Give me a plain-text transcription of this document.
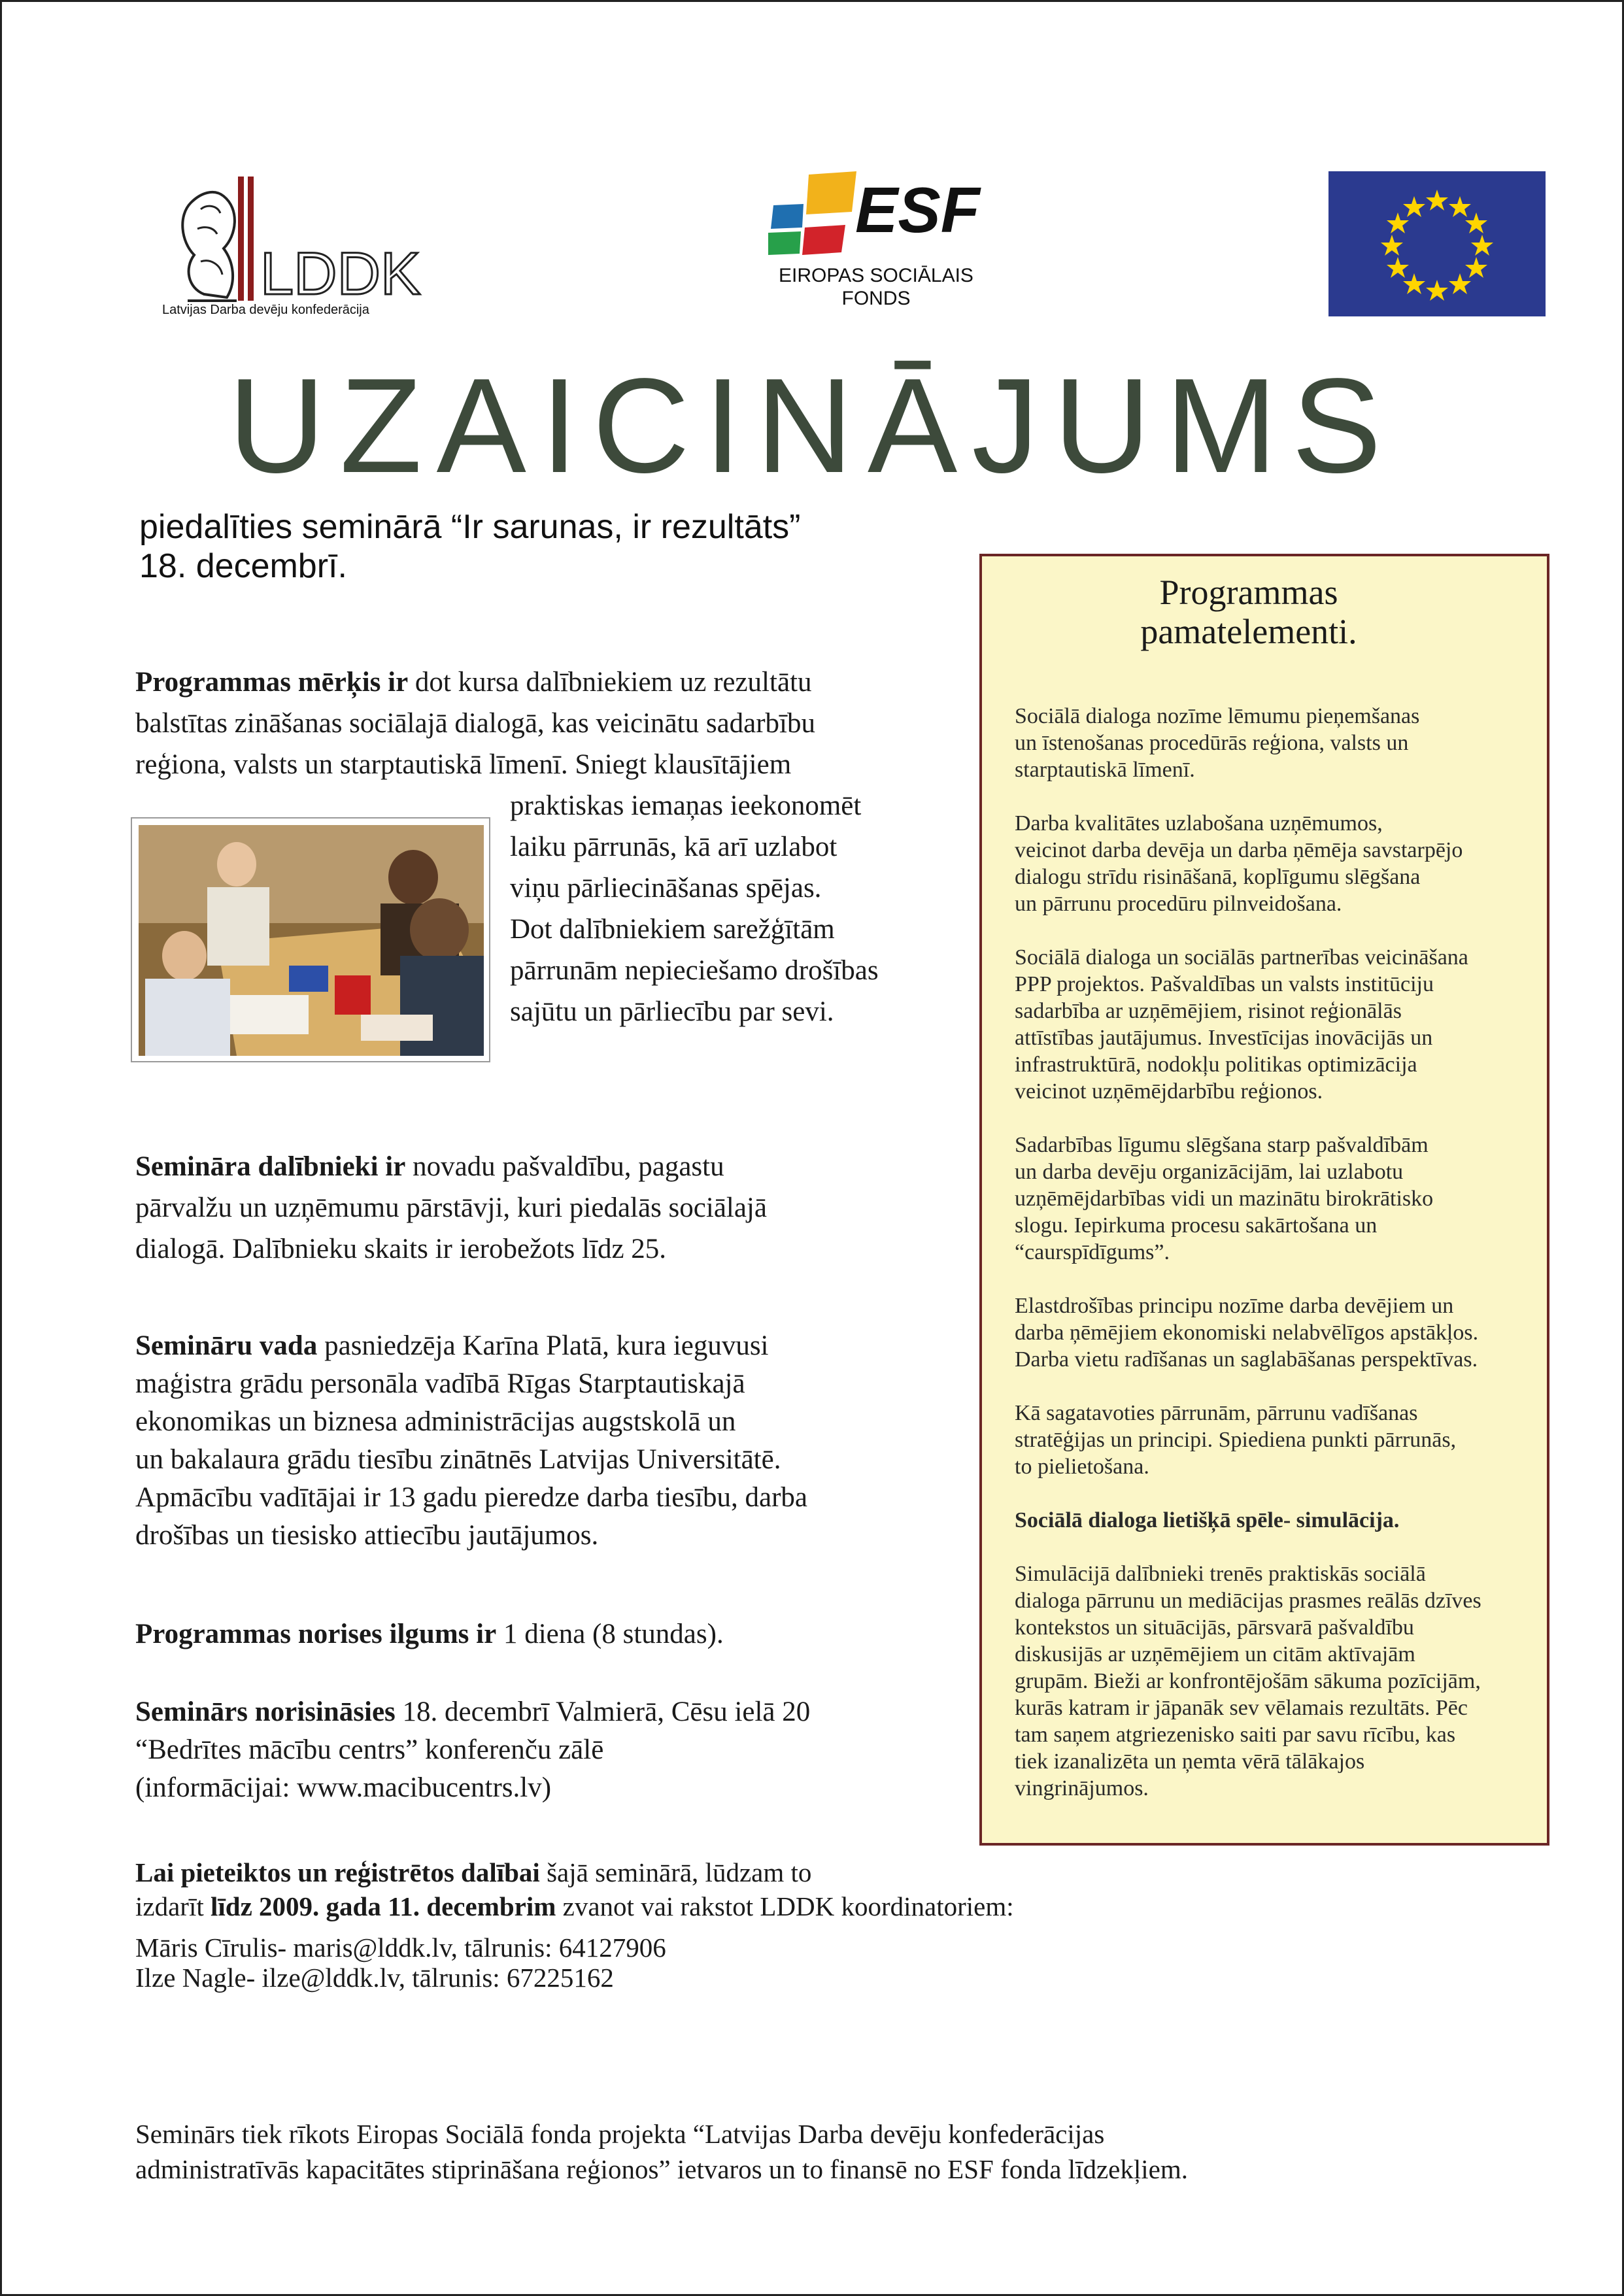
LDDK
Latvijas Darba devēju konfederācija
ESF
EIROPAS SOCIĀLAIS
FONDS
UZAICINĀJUMS
piedalīties seminārā “Ir sarunas, ir rezultāts”
18. decembrī.
Programmas mērķis ir dot kursa dalībniekiem uz rezultātu
balstītas zināšanas sociālajā dialogā, kas veicinātu sadarbību
reģiona, valsts un starptautiskā līmenī. Sniegt klausītājiem
praktiskas iemaņas ieekonomēt
laiku pārrunās, kā arī uzlabot
viņu pārliecināšanas spējas.
Dot dalībniekiem sarežģītām
pārrunām nepieciešamo drošības
sajūtu un pārliecību par sevi.
Semināra dalībnieki ir novadu pašvaldību, pagastu
pārvalžu un uzņēmumu pārstāvji, kuri piedalās sociālajā
dialogā. Dalībnieku skaits ir ierobežots līdz 25.
Semināru vada pasniedzēja Karīna Platā, kura ieguvusi
maģistra grādu personāla vadībā Rīgas Starptautiskajā
ekonomikas un biznesa administrācijas augstskolā un
un bakalaura grādu tiesību zinātnēs Latvijas Universitātē.
Apmācību vadītājai ir 13 gadu pieredze darba tiesību, darba
drošības un tiesisko attiecību jautājumos.
Programmas norises ilgums ir 1 diena (8 stundas).
Seminārs norisināsies 18. decembrī Valmierā, Cēsu ielā 20
“Bedrītes mācību centrs” konferenču zālē
(informācijai: www.macibucentrs.lv)
Lai pieteiktos un reģistrētos dalībai šajā seminārā, lūdzam to
izdarīt līdz 2009. gada 11. decembrim zvanot vai rakstot LDDK koordinatoriem:
Māris Cīrulis- maris@lddk.lv, tālrunis: 64127906
Ilze Nagle- ilze@lddk.lv, tālrunis: 67225162
Seminārs tiek rīkots Eiropas Sociālā fonda projekta “Latvijas Darba devēju konfederācijas
administratīvās kapacitātes stiprināšana reģionos” ietvaros un to finansē no ESF fonda līdzekļiem.
Programmas
pamatelementi.

Sociālā dialoga nozīme lēmumu pieņemšanas
un īstenošanas procedūrās reģiona, valsts un
starptautiskā līmenī.

Darba kvalitātes uzlabošana uzņēmumos,
veicinot darba devēja un darba ņēmēja savstarpējo
dialogu strīdu risināšanā, koplīgumu slēgšana
un pārrunu procedūru pilnveidošana.

Sociālā dialoga un sociālās partnerības veicināšana
PPP projektos. Pašvaldības un valsts institūciju
sadarbība ar uzņēmējiem, risinot reģionālās
attīstības jautājumus. Investīcijas inovācijās un
infrastruktūrā, nodokļu politikas optimizācija
veicinot uzņēmējdarbību reģionos.

Sadarbības līgumu slēgšana starp pašvaldībām
un darba devēju organizācijām, lai uzlabotu
uzņēmējdarbības vidi un mazinātu birokrātisko
slogu. Iepirkuma procesu sakārtošana un
“caurspīdīgums”.

Elastdrošības principu nozīme darba devējiem un
darba ņēmējiem ekonomiski nelabvēlīgos apstākļos.
Darba vietu radīšanas un saglabāšanas perspektīvas.

Kā sagatavoties pārrunām, pārrunu vadīšanas
stratēģijas un principi. Spiediena punkti pārrunās,
to pielietošana.

Sociālā dialoga lietišķā spēle- simulācija.

Simulācijā dalībnieki trenēs praktiskās sociālā
dialoga pārrunu un mediācijas prasmes reālās dzīves
kontekstos un situācijās, pārsvarā pašvaldību
diskusijās ar uzņēmējiem un citām aktīvajām
grupām. Bieži ar konfrontējošām sākuma pozīcijām,
kurās katram ir jāpanāk sev vēlamais rezultāts. Pēc
tam saņem atgriezenisko saiti par savu rīcību, kas
tiek izanalizēta un ņemta vērā tālākajos
vingrinājumos.
